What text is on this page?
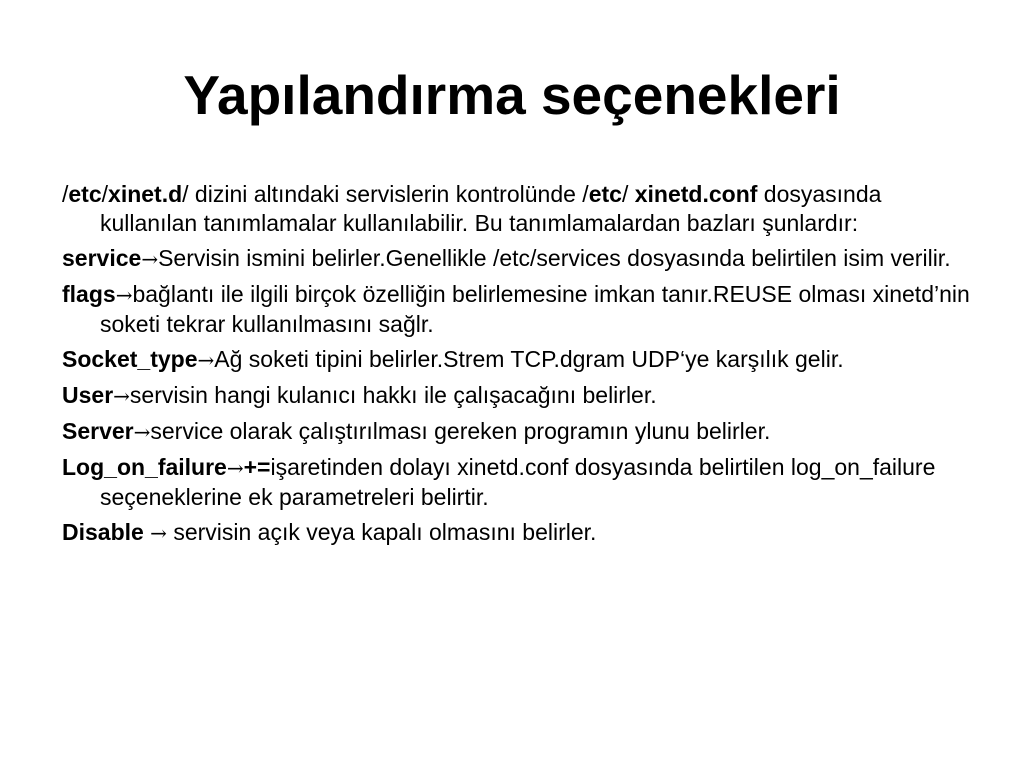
Yapılandırma seçenekleri

/etc/xinet.d/ dizini altındaki servislerin kontrolünde /etc/ xinetd.conf dosyasında kullanılan tanımlamalar kullanılabilir. Bu tanımlamalardan bazları şunlardır:

service→Servisin ismini belirler.Genellikle /etc/services dosyasında belirtilen isim verilir.

flags→bağlantı ile ilgili birçok özelliğin belirlemesine imkan tanır.REUSE olması xinetd’nin soketi tekrar kullanılmasını sağlr.

Socket_type→Ağ soketi tipini belirler.Strem TCP.dgram UDP‘ye karşılık gelir.

User→servisin hangi kulanıcı hakkı ile çalışacağını belirler.

Server→service olarak çalıştırılması gereken programın ylunu belirler.

Log_on_failure→+=işaretinden dolayı xinetd.conf dosyasında belirtilen log_on_failure seçeneklerine ek parametreleri belirtir.

Disable → servisin açık veya kapalı olmasını belirler.
